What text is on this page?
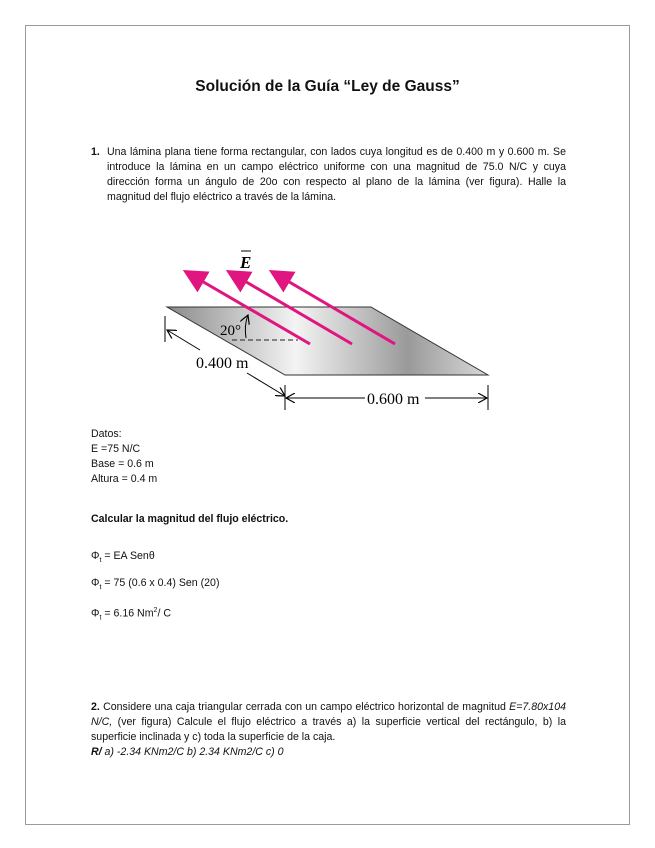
Solución de la Guía “Ley de Gauss”
1. Una lámina plana tiene forma rectangular, con lados cuya longitud es de 0.400 m y 0.600 m. Se introduce la lámina en un campo eléctrico uniforme con una magnitud de 75.0 N/C y cuya dirección forma un ángulo de 20o con respecto al plano de la lámina (ver figura). Halle la magnitud del flujo eléctrico a través de la lámina.
E
20°
0.400 m
0.600 m
Datos:
E =75 N/C
Base = 0.6 m
Altura = 0.4 m
Calcular la magnitud del flujo eléctrico.
$\Phi_t$ = EA Senθ
$\Phi_t = 75$ (0.6 x 0.4) Sen (20)
$\Phi_t = 6.16$ Nm$^2$/ C
2. Considere una caja triangular cerrada con un campo eléctrico horizontal de magnitud E=7.80x104 N/C, (ver figura) Calcule el flujo eléctrico a través a) la superficie vertical del rectángulo, b) la superficie inclinada y c) toda la superficie de la caja.
R/ a) -2.34 KNm2/C b) 2.34 KNm2/C c) 0
